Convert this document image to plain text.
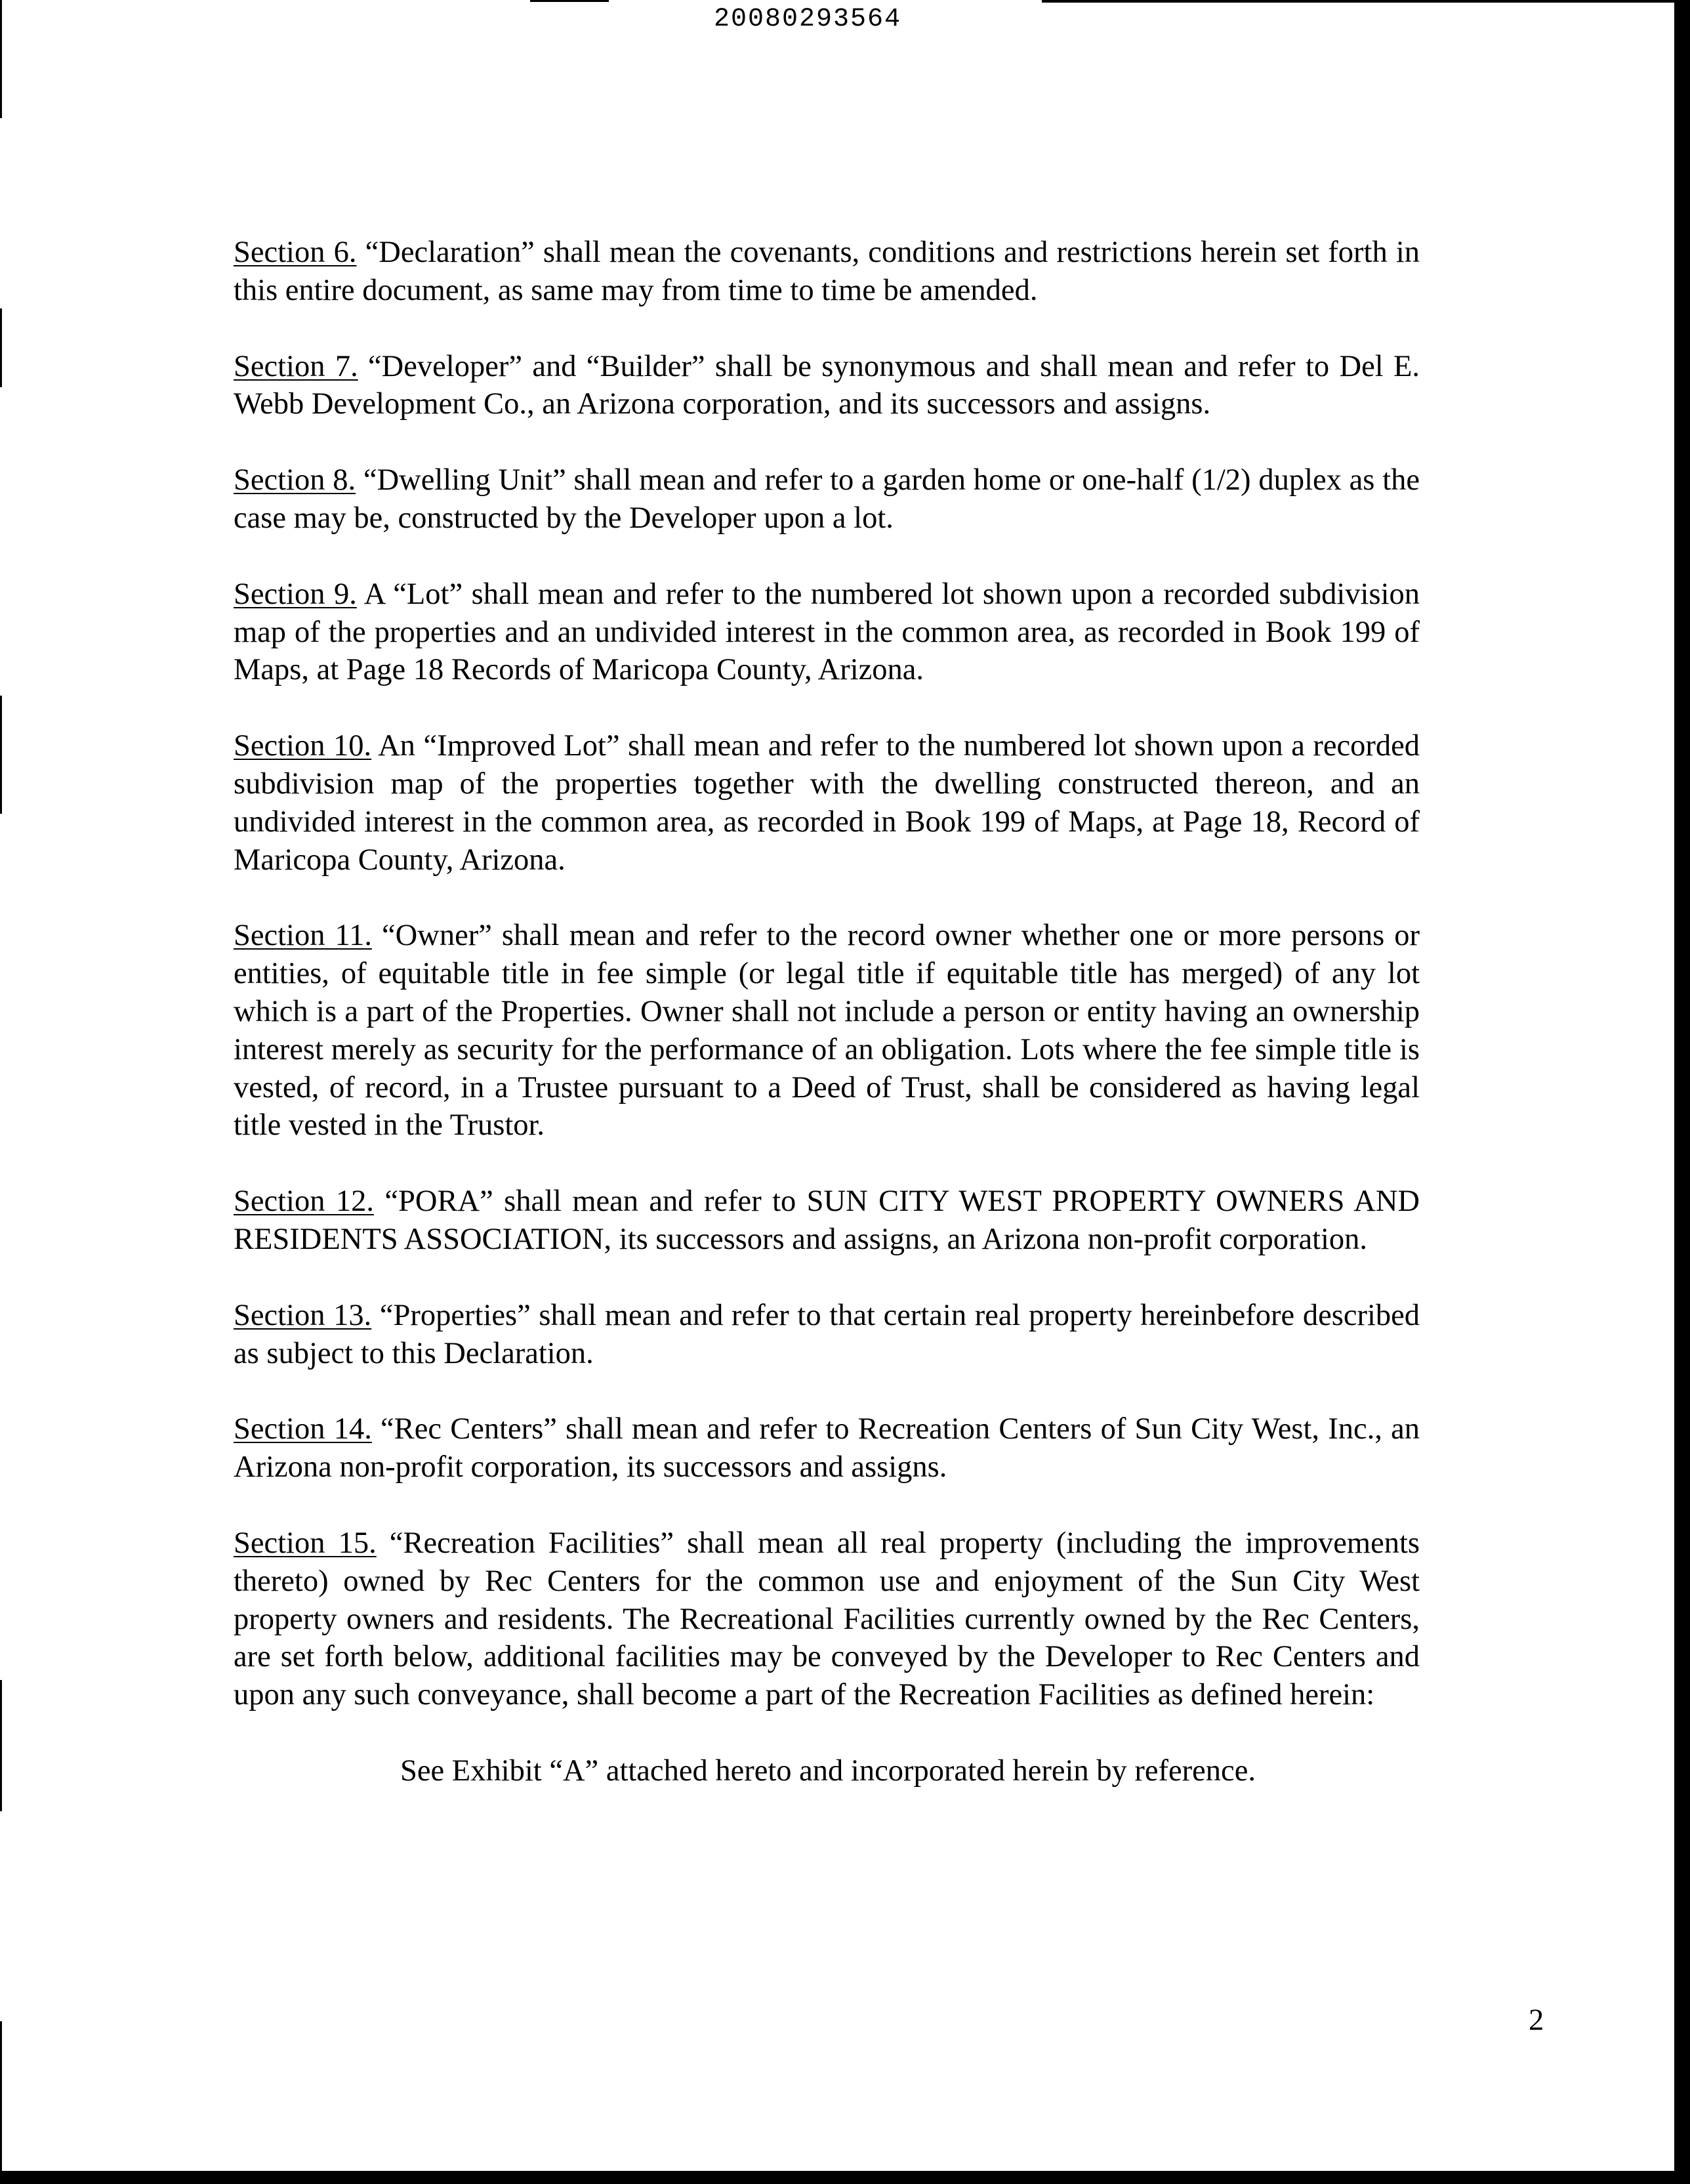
20080293564

Section 6. “Declaration” shall mean the covenants, conditions and restrictions herein set forth in this entire document, as same may from time to time be amended.

Section 7. “Developer” and “Builder” shall be synonymous and shall mean and refer to Del E. Webb Development Co., an Arizona corporation, and its successors and assigns.

Section 8. “Dwelling Unit” shall mean and refer to a garden home or one-half (1/2) duplex as the case may be, constructed by the Developer upon a lot.

Section 9. A “Lot” shall mean and refer to the numbered lot shown upon a recorded subdivision map of the properties and an undivided interest in the common area, as recorded in Book 199 of Maps, at Page 18 Records of Maricopa County, Arizona.

Section 10. An “Improved Lot” shall mean and refer to the numbered lot shown upon a recorded subdivision map of the properties together with the dwelling constructed thereon, and an undivided interest in the common area, as recorded in Book 199 of Maps, at Page 18, Record of Maricopa County, Arizona.

Section 11. “Owner” shall mean and refer to the record owner whether one or more persons or entities, of equitable title in fee simple (or legal title if equitable title has merged) of any lot which is a part of the Properties. Owner shall not include a person or entity having an ownership interest merely as security for the performance of an obligation. Lots where the fee simple title is vested, of record, in a Trustee pursuant to a Deed of Trust, shall be considered as having legal title vested in the Trustor.

Section 12. “PORA” shall mean and refer to SUN CITY WEST PROPERTY OWNERS AND RESIDENTS ASSOCIATION, its successors and assigns, an Arizona non-profit corporation.

Section 13. “Properties” shall mean and refer to that certain real property hereinbefore described as subject to this Declaration.

Section 14. “Rec Centers” shall mean and refer to Recreation Centers of Sun City West, Inc., an Arizona non-profit corporation, its successors and assigns.

Section 15. “Recreation Facilities” shall mean all real property (including the improvements thereto) owned by Rec Centers for the common use and enjoyment of the Sun City West property owners and residents. The Recreational Facilities currently owned by the Rec Centers, are set forth below, additional facilities may be conveyed by the Developer to Rec Centers and upon any such conveyance, shall become a part of the Recreation Facilities as defined herein:

See Exhibit “A” attached hereto and incorporated herein by reference.

2
